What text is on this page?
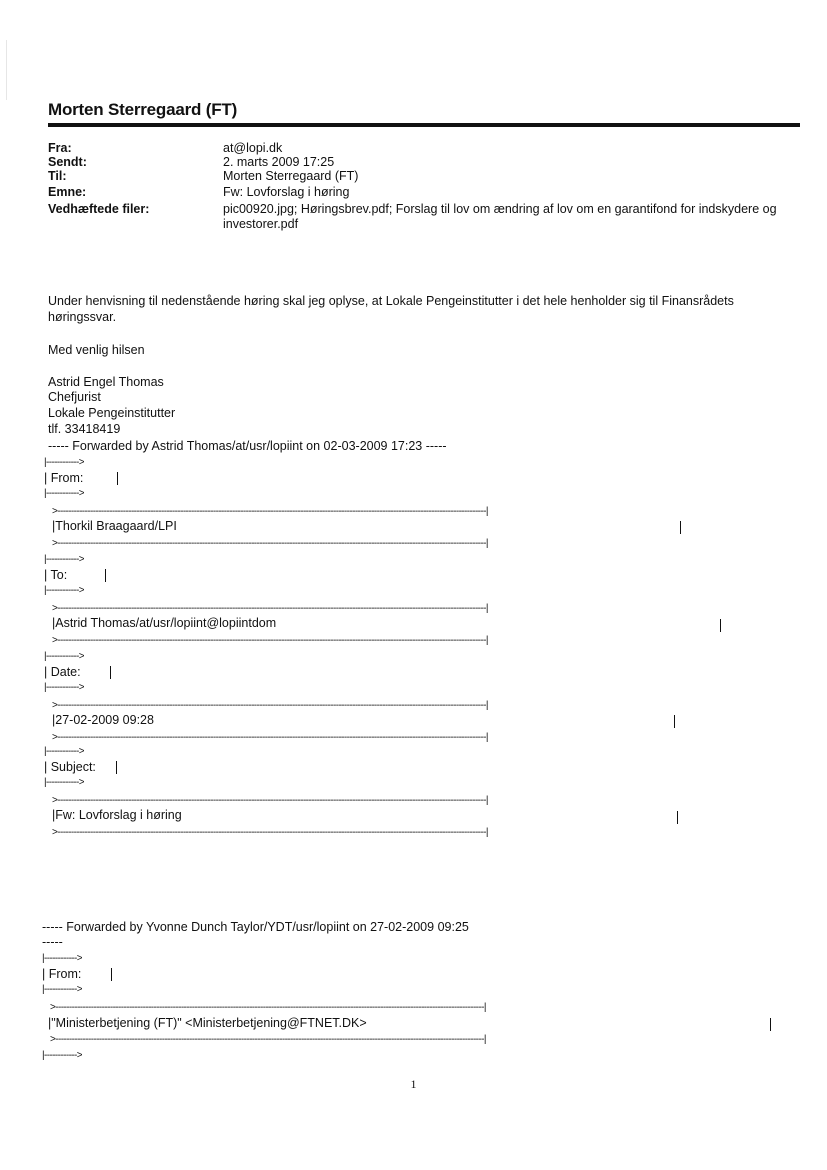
Morten Sterregaard (FT)
Fra:	at@lopi.dk
Sendt:	2. marts 2009 17:25
Til:	Morten Sterregaard (FT)
Emne:	Fw: Lovforslag i høring
Vedhæftede filer:	pic00920.jpg; Høringsbrev.pdf; Forslag til lov om ændring af lov om en garantifond for indskydere og investorer.pdf
Under henvisning til nedenstående høring skal jeg oplyse, at Lokale Pengeinstitutter i det hele henholder sig til Finansrådets høringssvar.
Med venlig hilsen
Astrid Engel Thomas
Chefjurist
Lokale Pengeinstitutter
tlf. 33418419
----- Forwarded by Astrid Thomas/at/usr/lopiint on 02-03-2009 17:23 -----
|------------>
| From:
|------------>
>-------------------------------------------------------------------------------------------------------------------------------------------------------------|
|Thorkil Braagaard/LPI
>-------------------------------------------------------------------------------------------------------------------------------------------------------------|
|------------>
| To:
|------------>
>-------------------------------------------------------------------------------------------------------------------------------------------------------------|
|Astrid Thomas/at/usr/lopiint@lopiintdom
>-------------------------------------------------------------------------------------------------------------------------------------------------------------|
|------------>
| Date:
|------------>
>-------------------------------------------------------------------------------------------------------------------------------------------------------------|
|27-02-2009 09:28
>-------------------------------------------------------------------------------------------------------------------------------------------------------------|
|------------>
| Subject:
|------------>
>-------------------------------------------------------------------------------------------------------------------------------------------------------------|
|Fw: Lovforslag i høring
>-------------------------------------------------------------------------------------------------------------------------------------------------------------|
----- Forwarded by Yvonne Dunch Taylor/YDT/usr/lopiint on 27-02-2009 09:25
-----
|------------>
| From:
|------------>
>-------------------------------------------------------------------------------------------------------------------------------------------------------------|
|"Ministerbetjening (FT)" <Ministerbetjening@FTNET.DK>
>-------------------------------------------------------------------------------------------------------------------------------------------------------------|
|------------>
1
